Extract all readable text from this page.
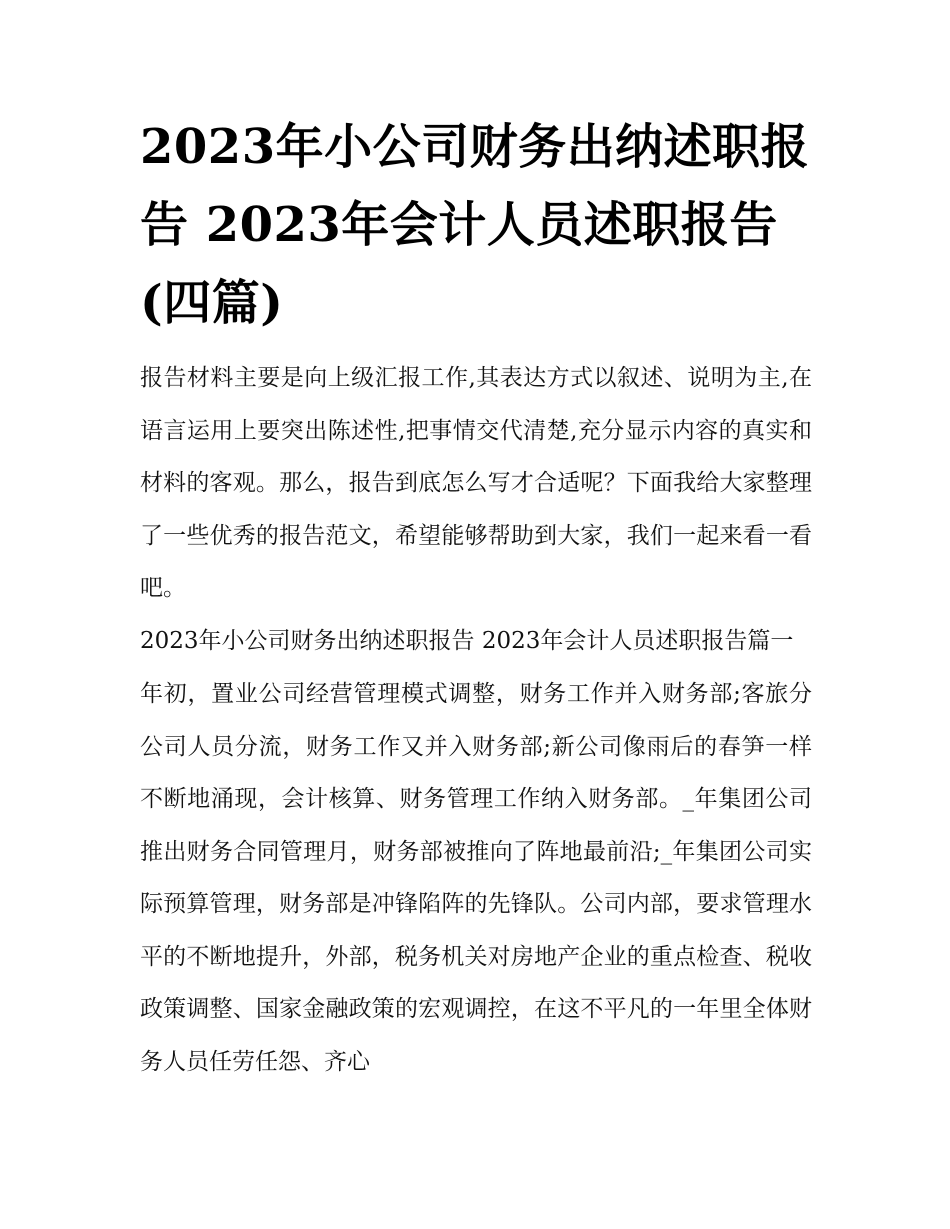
2023年小公司财务出纳述职报告 2023年会计人员述职报告(四篇)

报告材料主要是向上级汇报工作,其表达方式以叙述、说明为主,在语言运用上要突出陈述性,把事情交代清楚,充分显示内容的真实和材料的客观。那么，报告到底怎么写才合适呢？下面我给大家整理了一些优秀的报告范文，希望能够帮助到大家，我们一起来看一看吧。

2023年小公司财务出纳述职报告 2023年会计人员述职报告篇一

年初，置业公司经营管理模式调整，财务工作并入财务部;客旅分公司人员分流，财务工作又并入财务部;新公司像雨后的春笋一样不断地涌现，会计核算、财务管理工作纳入财务部。_年集团公司推出财务合同管理月，财务部被推向了阵地最前沿;_年集团公司实际预算管理，财务部是冲锋陷阵的先锋队。公司内部，要求管理水平的不断地提升，外部，税务机关对房地产企业的重点检查、税收政策调整、国家金融政策的宏观调控，在这不平凡的一年里全体财务人员任劳任怨、齐心
